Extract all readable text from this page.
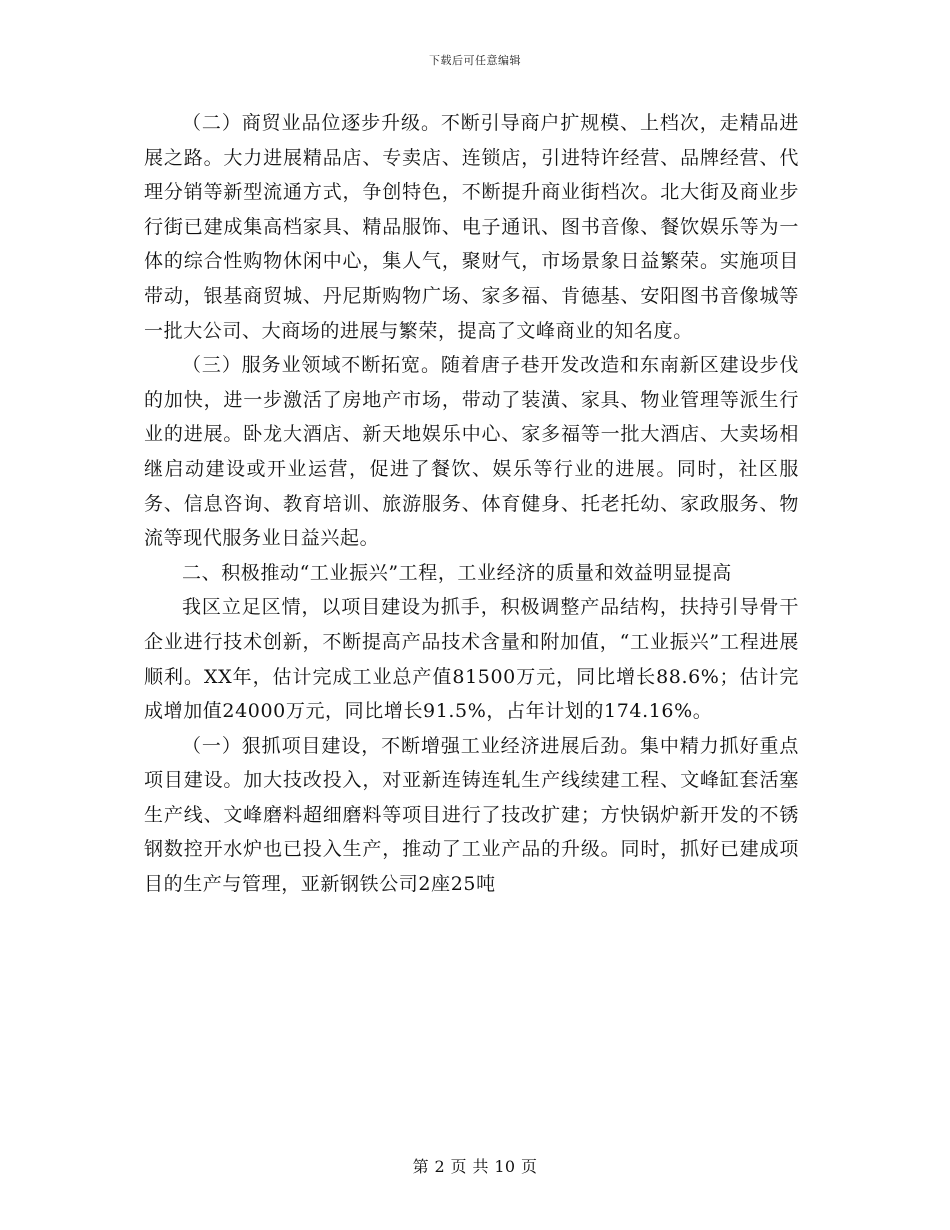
下载后可任意编辑

（二）商贸业品位逐步升级。不断引导商户扩规模、上档次，走精品进展之路。大力进展精品店、专卖店、连锁店，引进特许经营、品牌经营、代理分销等新型流通方式，争创特色，不断提升商业街档次。北大街及商业步行街已建成集高档家具、精品服饰、电子通讯、图书音像、餐饮娱乐等为一体的综合性购物休闲中心，集人气，聚财气，市场景象日益繁荣。实施项目带动，银基商贸城、丹尼斯购物广场、家多福、肯德基、安阳图书音像城等一批大公司、大商场的进展与繁荣，提高了文峰商业的知名度。

（三）服务业领域不断拓宽。随着唐子巷开发改造和东南新区建设步伐的加快，进一步激活了房地产市场，带动了装潢、家具、物业管理等派生行业的进展。卧龙大酒店、新天地娱乐中心、家多福等一批大酒店、大卖场相继启动建设或开业运营，促进了餐饮、娱乐等行业的进展。同时，社区服务、信息咨询、教育培训、旅游服务、体育健身、托老托幼、家政服务、物流等现代服务业日益兴起。

二、积极推动“工业振兴”工程，工业经济的质量和效益明显提高

我区立足区情，以项目建设为抓手，积极调整产品结构，扶持引导骨干企业进行技术创新，不断提高产品技术含量和附加值，“工业振兴”工程进展顺利。XX年，估计完成工业总产值81500万元，同比增长88.6%；估计完成增加值24000万元，同比增长91.5%，占年计划的174.16%。

（一）狠抓项目建设，不断增强工业经济进展后劲。集中精力抓好重点项目建设。加大技改投入，对亚新连铸连轧生产线续建工程、文峰缸套活塞生产线、文峰磨料超细磨料等项目进行了技改扩建；方快锅炉新开发的不锈钢数控开水炉也已投入生产，推动了工业产品的升级。同时，抓好已建成项目的生产与管理，亚新钢铁公司2座25吨

第 2 页 共 10 页
